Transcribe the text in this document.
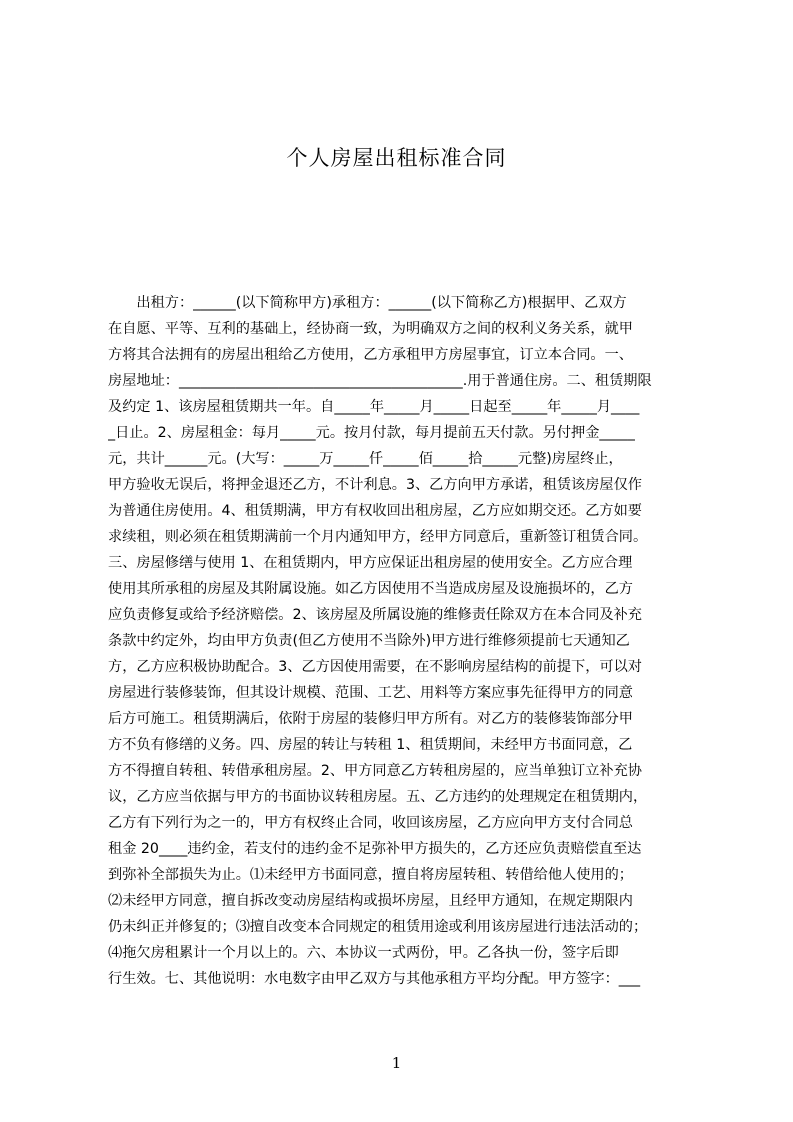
个人房屋出租标准合同
　　出租方：______(以下简称甲方)承租方：______(以下简称乙方)根据甲、乙双方
在自愿、平等、互利的基础上，经协商一致，为明确双方之间的权利义务关系，就甲
方将其合法拥有的房屋出租给乙方使用，乙方承租甲方房屋事宜，订立本合同。一、
房屋地址：________________________________________.用于普通住房。二、租赁期限
及约定 1、该房屋租赁期共一年。自_____年_____月_____日起至_____年_____月____
_日止。2、房屋租金：每月_____元。按月付款，每月提前五天付款。另付押金_____
元，共计______元。(大写：_____万_____仟_____佰_____拾_____元整)房屋终止，
甲方验收无误后，将押金退还乙方，不计利息。3、乙方向甲方承诺，租赁该房屋仅作
为普通住房使用。4、租赁期满，甲方有权收回出租房屋，乙方应如期交还。乙方如要
求续租，则必须在租赁期满前一个月内通知甲方，经甲方同意后，重新签订租赁合同。
三、房屋修缮与使用 1、在租赁期内，甲方应保证出租房屋的使用安全。乙方应合理
使用其所承租的房屋及其附属设施。如乙方因使用不当造成房屋及设施损坏的，乙方
应负责修复或给予经济赔偿。2、该房屋及所属设施的维修责任除双方在本合同及补充
条款中约定外，均由甲方负责(但乙方使用不当除外)甲方进行维修须提前七天通知乙
方，乙方应积极协助配合。3、乙方因使用需要，在不影响房屋结构的前提下，可以对
房屋进行装修装饰，但其设计规模、范围、工艺、用料等方案应事先征得甲方的同意
后方可施工。租赁期满后，依附于房屋的装修归甲方所有。对乙方的装修装饰部分甲
方不负有修缮的义务。四、房屋的转让与转租 1、租赁期间，未经甲方书面同意，乙
方不得擅自转租、转借承租房屋。2、甲方同意乙方转租房屋的，应当单独订立补充协
议，乙方应当依据与甲方的书面协议转租房屋。五、乙方违约的处理规定在租赁期内，
乙方有下列行为之一的，甲方有权终止合同，收回该房屋，乙方应向甲方支付合同总
租金 20____违约金，若支付的违约金不足弥补甲方损失的，乙方还应负责赔偿直至达
到弥补全部损失为止。⑴未经甲方书面同意，擅自将房屋转租、转借给他人使用的；
⑵未经甲方同意，擅自拆改变动房屋结构或损坏房屋，且经甲方通知，在规定期限内
仍未纠正并修复的；⑶擅自改变本合同规定的租赁用途或利用该房屋进行违法活动的；
⑷拖欠房租累计一个月以上的。六、本协议一式两份，甲。乙各执一份，签字后即
行生效。七、其他说明：水电数字由甲乙双方与其他承租方平均分配。甲方签字：___
1
